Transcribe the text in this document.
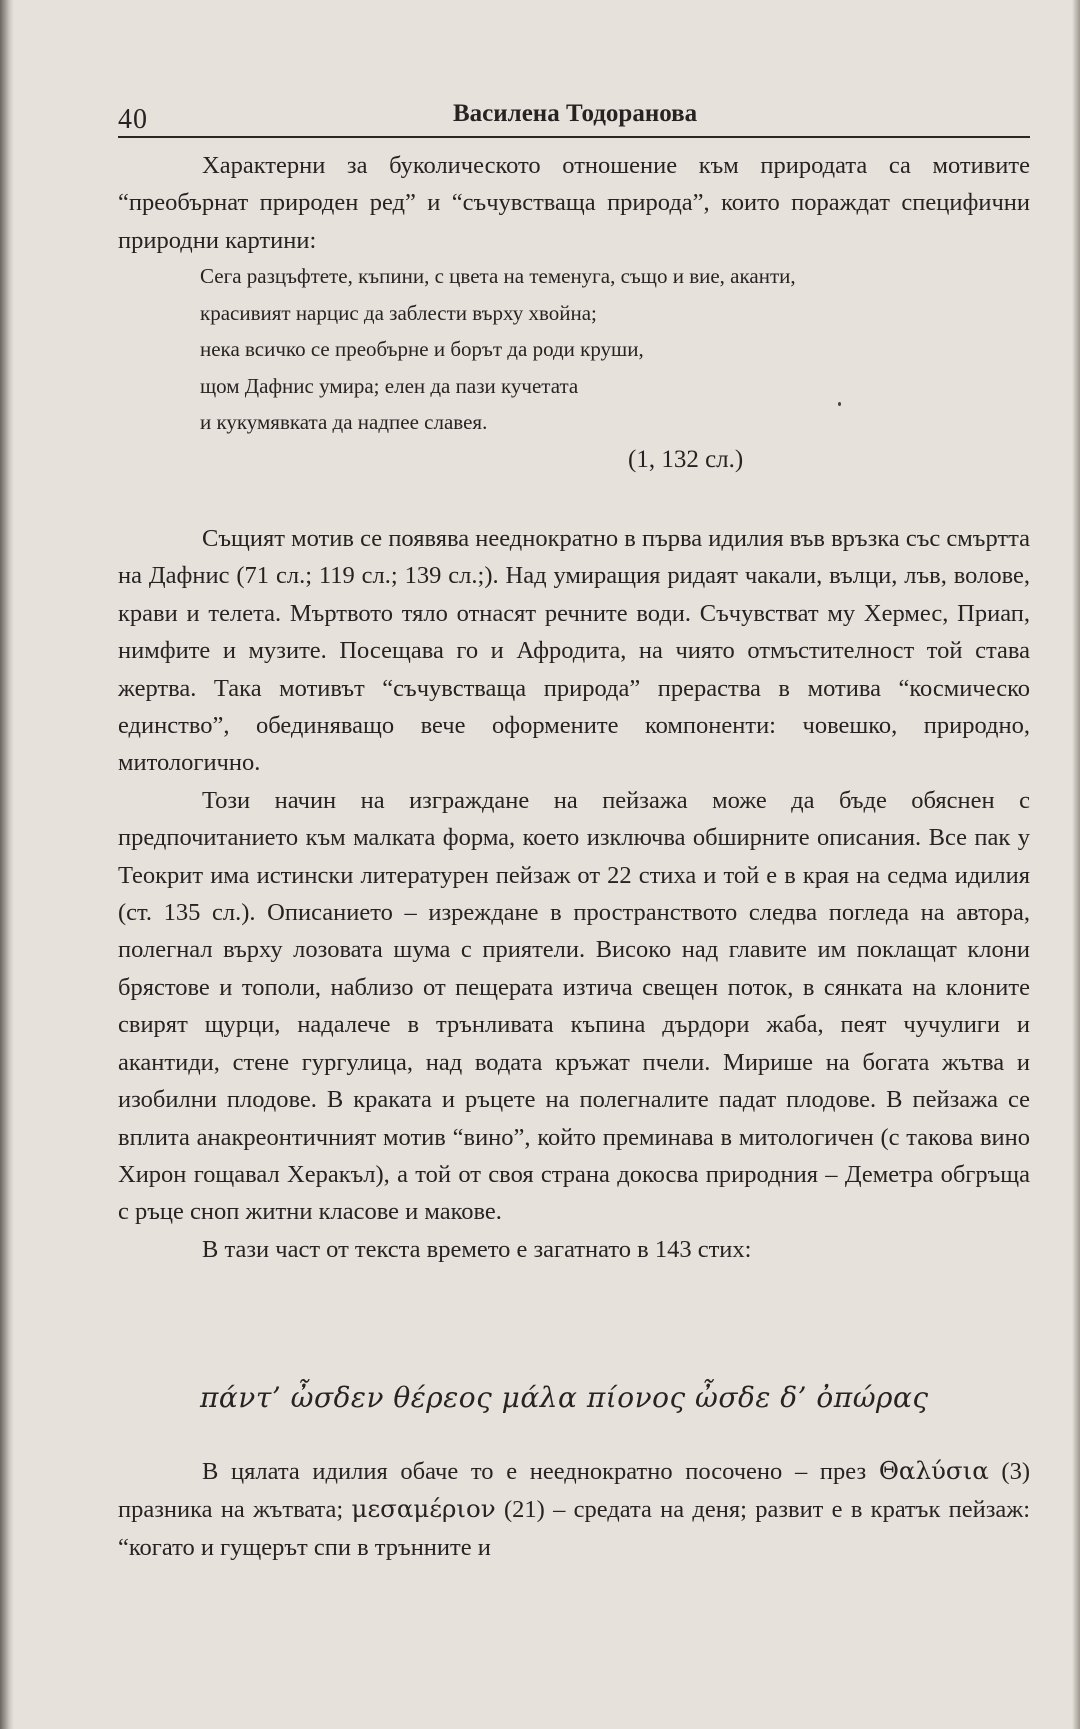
40	Василена Тодоранова

Характерни за буколическото отношение към природата са мотивите “преобърнат природен ред” и “съчувстваща природа”, които пораждат специфични природни картини:

Сега разцъфтете, къпини, с цвета на теменуга, също и вие, аканти,
красивият нарцис да заблести върху хвойна;
нека всичко се преобърне и борът да роди круши,
щом Дафнис умира; елен да пази кучетата
и кукумявката да надпее славея.
(1, 132 сл.)

Същият мотив се появява нееднократно в първа идилия във връзка със смъртта на Дафнис (71 сл.; 119 сл.; 139 сл.;). Над умиращия ридаят чакали, вълци, лъв, волове, крави и телета. Мъртвото тяло отнасят речните води. Съчувстват му Хермес, Приап, нимфите и музите. Посещава го и Афродита, на чиято отмъстителност той става жертва. Така мотивът “съчувстваща природа” прераства в мотива “космическо единство”, обединяващо вече оформените компоненти: човешко, природно, митологично.

Този начин на изграждане на пейзажа може да бъде обяснен с предпочитанието към малката форма, което изключва обширните описания. Все пак у Теокрит има истински литературен пейзаж от 22 стиха и той е в края на седма идилия (ст. 135 сл.). Описанието – изреждане в пространството следва погледа на автора, полегнал върху лозовата шума с приятели. Високо над главите им поклащат клони брястове и тополи, наблизо от пещерата изтича свещен поток, в сянката на клоните свирят щурци, надалече в трънливата къпина дърдори жаба, пеят чучулиги и акантиди, стене гургулица, над водата кръжат пчели. Мирише на богата жътва и изобилни плодове. В краката и ръцете на полегналите падат плодове. В пейзажа се вплита анакреонтичният мотив “вино”, който преминава в митологичен (с такова вино Хирон гощавал Херакъл), а той от своя страна докосва природния – Деметра обгръща с ръце сноп житни класове и макове.

В тази част от текста времето е загатнато в 143 стих:

πάντ’ ὦσδεν θέρεος μάλα πίονος ὦσδε δ’ ὀπώρας

В цялата идилия обаче то е нееднократно посочено – през Θαλύσια (3) празника на жътвата; μεσαμέριον (21) – средата на деня; развит е в кратък пейзаж: “когато и гущерът спи в трънните и
